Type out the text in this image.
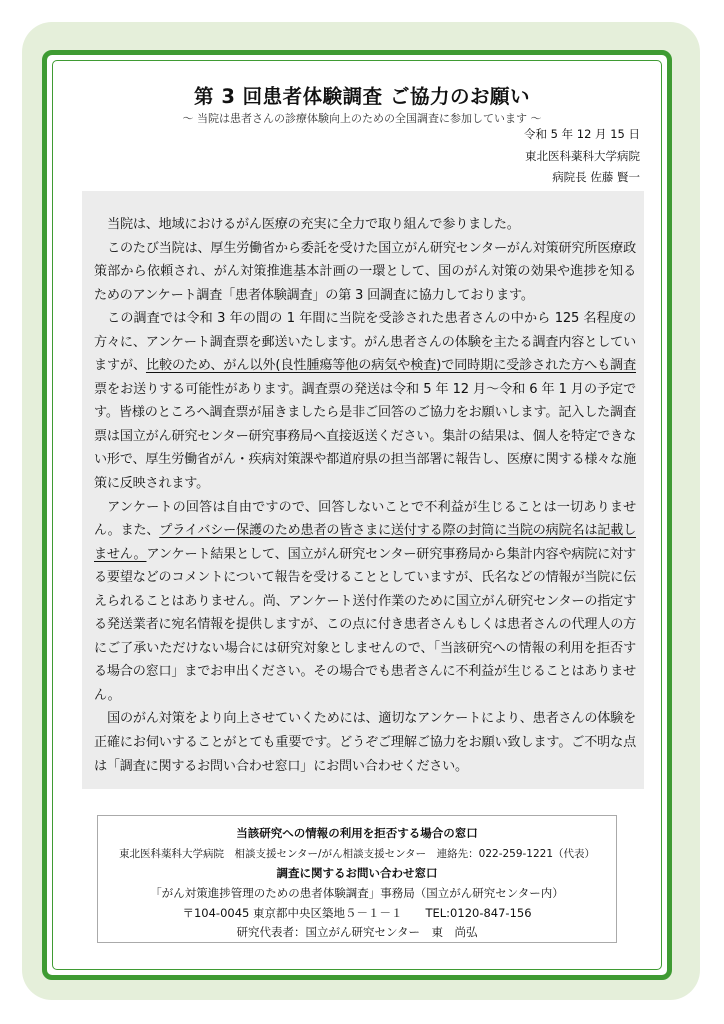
第 3 回患者体験調査 ご協力のお願い
～ 当院は患者さんの診療体験向上のための全国調査に参加しています ～
令和 5 年 12 月 15 日
東北医科薬科大学病院
病院長 佐藤 賢一

当院は、地域におけるがん医療の充実に全力で取り組んで参りました。

このたび当院は、厚生労働省から委託を受けた国立がん研究センターがん対策研究所医療政策部から依頼され、がん対策推進基本計画の一環として、国のがん対策の効果や進捗を知るためのアンケート調査「患者体験調査」の第 3 回調査に協力しております。

この調査では令和 3 年の間の 1 年間に当院を受診された患者さんの中から 125 名程度の方々に、アンケート調査票を郵送いたします。がん患者さんの体験を主たる調査内容としていますが、比較のため、がん以外(良性腫瘍等他の病気や検査)で同時期に受診された方へも調査票をお送りする可能性があります。調査票の発送は令和 5 年 12 月～令和 6 年 1 月の予定です。皆様のところへ調査票が届きましたら是非ご回答のご協力をお願いします。記入した調査票は国立がん研究センター研究事務局へ直接返送ください。集計の結果は、個人を特定できない形で、厚生労働省がん・疾病対策課や都道府県の担当部署に報告し、医療に関する様々な施策に反映されます。

アンケートの回答は自由ですので、回答しないことで不利益が生じることは一切ありません。また、プライバシー保護のため患者の皆さまに送付する際の封筒に当院の病院名は記載しません。アンケート結果として、国立がん研究センター研究事務局から集計内容や病院に対する要望などのコメントについて報告を受けることとしていますが、氏名などの情報が当院に伝えられることはありません。尚、アンケート送付作業のために国立がん研究センターの指定する発送業者に宛名情報を提供しますが、この点に付き患者さんもしくは患者さんの代理人の方にご了承いただけない場合には研究対象としませんので、「当該研究への情報の利用を拒否する場合の窓口」までお申出ください。その場合でも患者さんに不利益が生じることはありません。

国のがん対策をより向上させていくためには、適切なアンケートにより、患者さんの体験を正確にお伺いすることがとても重要です。どうぞご理解ご協力をお願い致します。ご不明な点は「調査に関するお問い合わせ窓口」にお問い合わせください。

当該研究への情報の利用を拒否する場合の窓口
東北医科薬科大学病院　相談支援センター/がん相談支援センター　連絡先：022-259-1221（代表）
調査に関するお問い合わせ窓口
「がん対策進捗管理のための患者体験調査」事務局（国立がん研究センター内）
〒104-0045 東京都中央区築地５－１－１　　TEL:0120-847-156
研究代表者：国立がん研究センター　東　尚弘
